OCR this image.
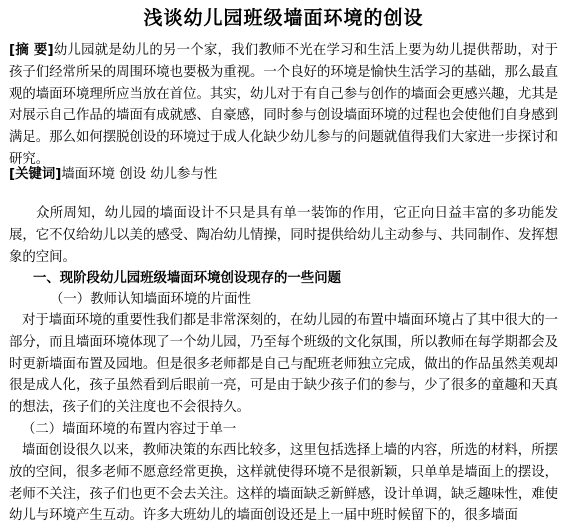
浅谈幼儿园班级墙面环境的创设
[摘 要]幼儿园就是幼儿的另一个家，我们教师不光在学习和生活上要为幼儿提供帮助，对于孩子们经常所呆的周围环境也要极为重视。一个良好的环境是愉快生活学习的基础，那么最直观的墙面环境理所应当放在首位。其实，幼儿对于有自己参与创作的墙面会更感兴趣，尤其是对展示自己作品的墙面有成就感、自豪感，同时参与创设墙面环境的过程也会使他们自身感到满足。那么如何摆脱创设的环境过于成人化缺少幼儿参与的问题就值得我们大家进一步探讨和研究。
[关键词]墙面环境 创设 幼儿参与性
众所周知，幼儿园的墙面设计不只是具有单一装饰的作用，它正向日益丰富的多功能发展，它不仅给幼儿以美的感受、陶冶幼儿情操，同时提供给幼儿主动参与、共同制作、发挥想象的空间。
一、现阶段幼儿园班级墙面环境创设现存的一些问题
（一）教师认知墙面环境的片面性
对于墙面环境的重要性我们都是非常深刻的，在幼儿园的布置中墙面环境占了其中很大的一部分，而且墙面环境体现了一个幼儿园，乃至每个班级的文化氛围，所以教师在每学期都会及时更新墙面布置及园地。但是很多老师都是自己与配班老师独立完成，做出的作品虽然美观却很是成人化，孩子虽然看到后眼前一亮，可是由于缺少孩子们的参与，少了很多的童趣和天真的想法，孩子们的关注度也不会很持久。
（二）墙面环境的布置内容过于单一
墙面创设很久以来，教师决策的东西比较多，这里包括选择上墙的内容，所选的材料，所摆放的空间，很多老师不愿意经常更换，这样就使得环境不是很新颖，只单单是墙面上的摆设，老师不关注，孩子们也更不会去关注。这样的墙面缺乏新鲜感，设计单调，缺乏趣味性，难使幼儿与环境产生互动。许多大班幼儿的墙面创设还是上一届中班时候留下的，很多墙面
